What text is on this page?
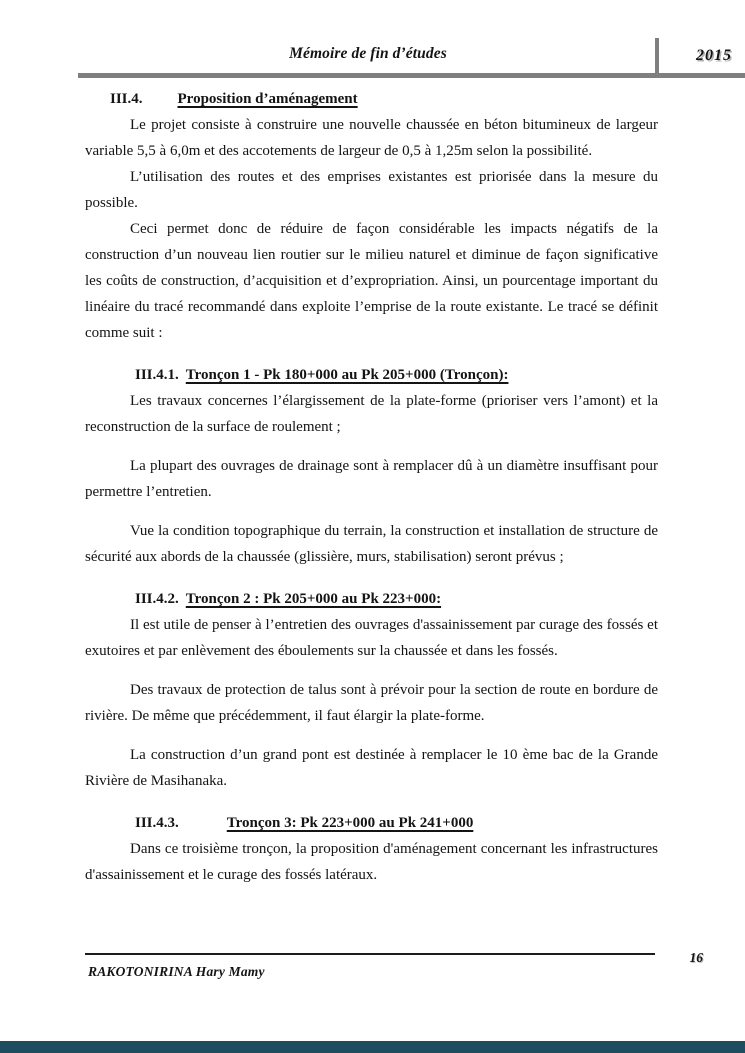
Mémoire de fin d’études	2015
III.4. Proposition d’aménagement

Le projet consiste à construire une nouvelle chaussée en béton bitumineux de largeur variable 5,5 à 6,0m et des accotements de largeur de 0,5 à 1,25m selon la possibilité.

L’utilisation des routes et des emprises existantes est priorisée dans la mesure du possible.

Ceci permet donc de réduire de façon considérable les impacts négatifs de la construction d’un nouveau lien routier sur le milieu naturel et diminue de façon significative les coûts de construction, d’acquisition et d’expropriation. Ainsi, un pourcentage important du linéaire du tracé recommandé dans exploite l’emprise de la route existante. Le tracé se définit comme suit :

III.4.1. Tronçon 1 - Pk 180+000 au Pk 205+000 (Tronçon):

Les travaux concernes l’élargissement de la plate-forme (prioriser vers l’amont) et la reconstruction de la surface de roulement ;

La plupart des ouvrages de drainage sont à remplacer dû à un diamètre insuffisant pour permettre l’entretien.

Vue la condition topographique du terrain, la construction et installation de structure de sécurité aux abords de la chaussée (glissière, murs, stabilisation) seront prévus ;

III.4.2. Tronçon 2 : Pk 205+000 au Pk 223+000:

Il est utile de penser à l’entretien des ouvrages d'assainissement par curage des fossés et exutoires et par enlèvement des éboulements sur la chaussée et dans les fossés.

Des travaux de protection de talus sont à prévoir pour la section de route en bordure de rivière. De même que précédemment, il faut élargir la plate-forme.

La construction d’un grand pont est destinée à remplacer le 10 ème bac de la Grande Rivière de Masihanaka.

III.4.3.	Tronçon 3: Pk 223+000 au Pk 241+000

Dans ce troisième tronçon, la proposition d'aménagement concernant les infrastructures d'assainissement et le curage des fossés latéraux.

16
RAKOTONIRINA Hary Mamy
